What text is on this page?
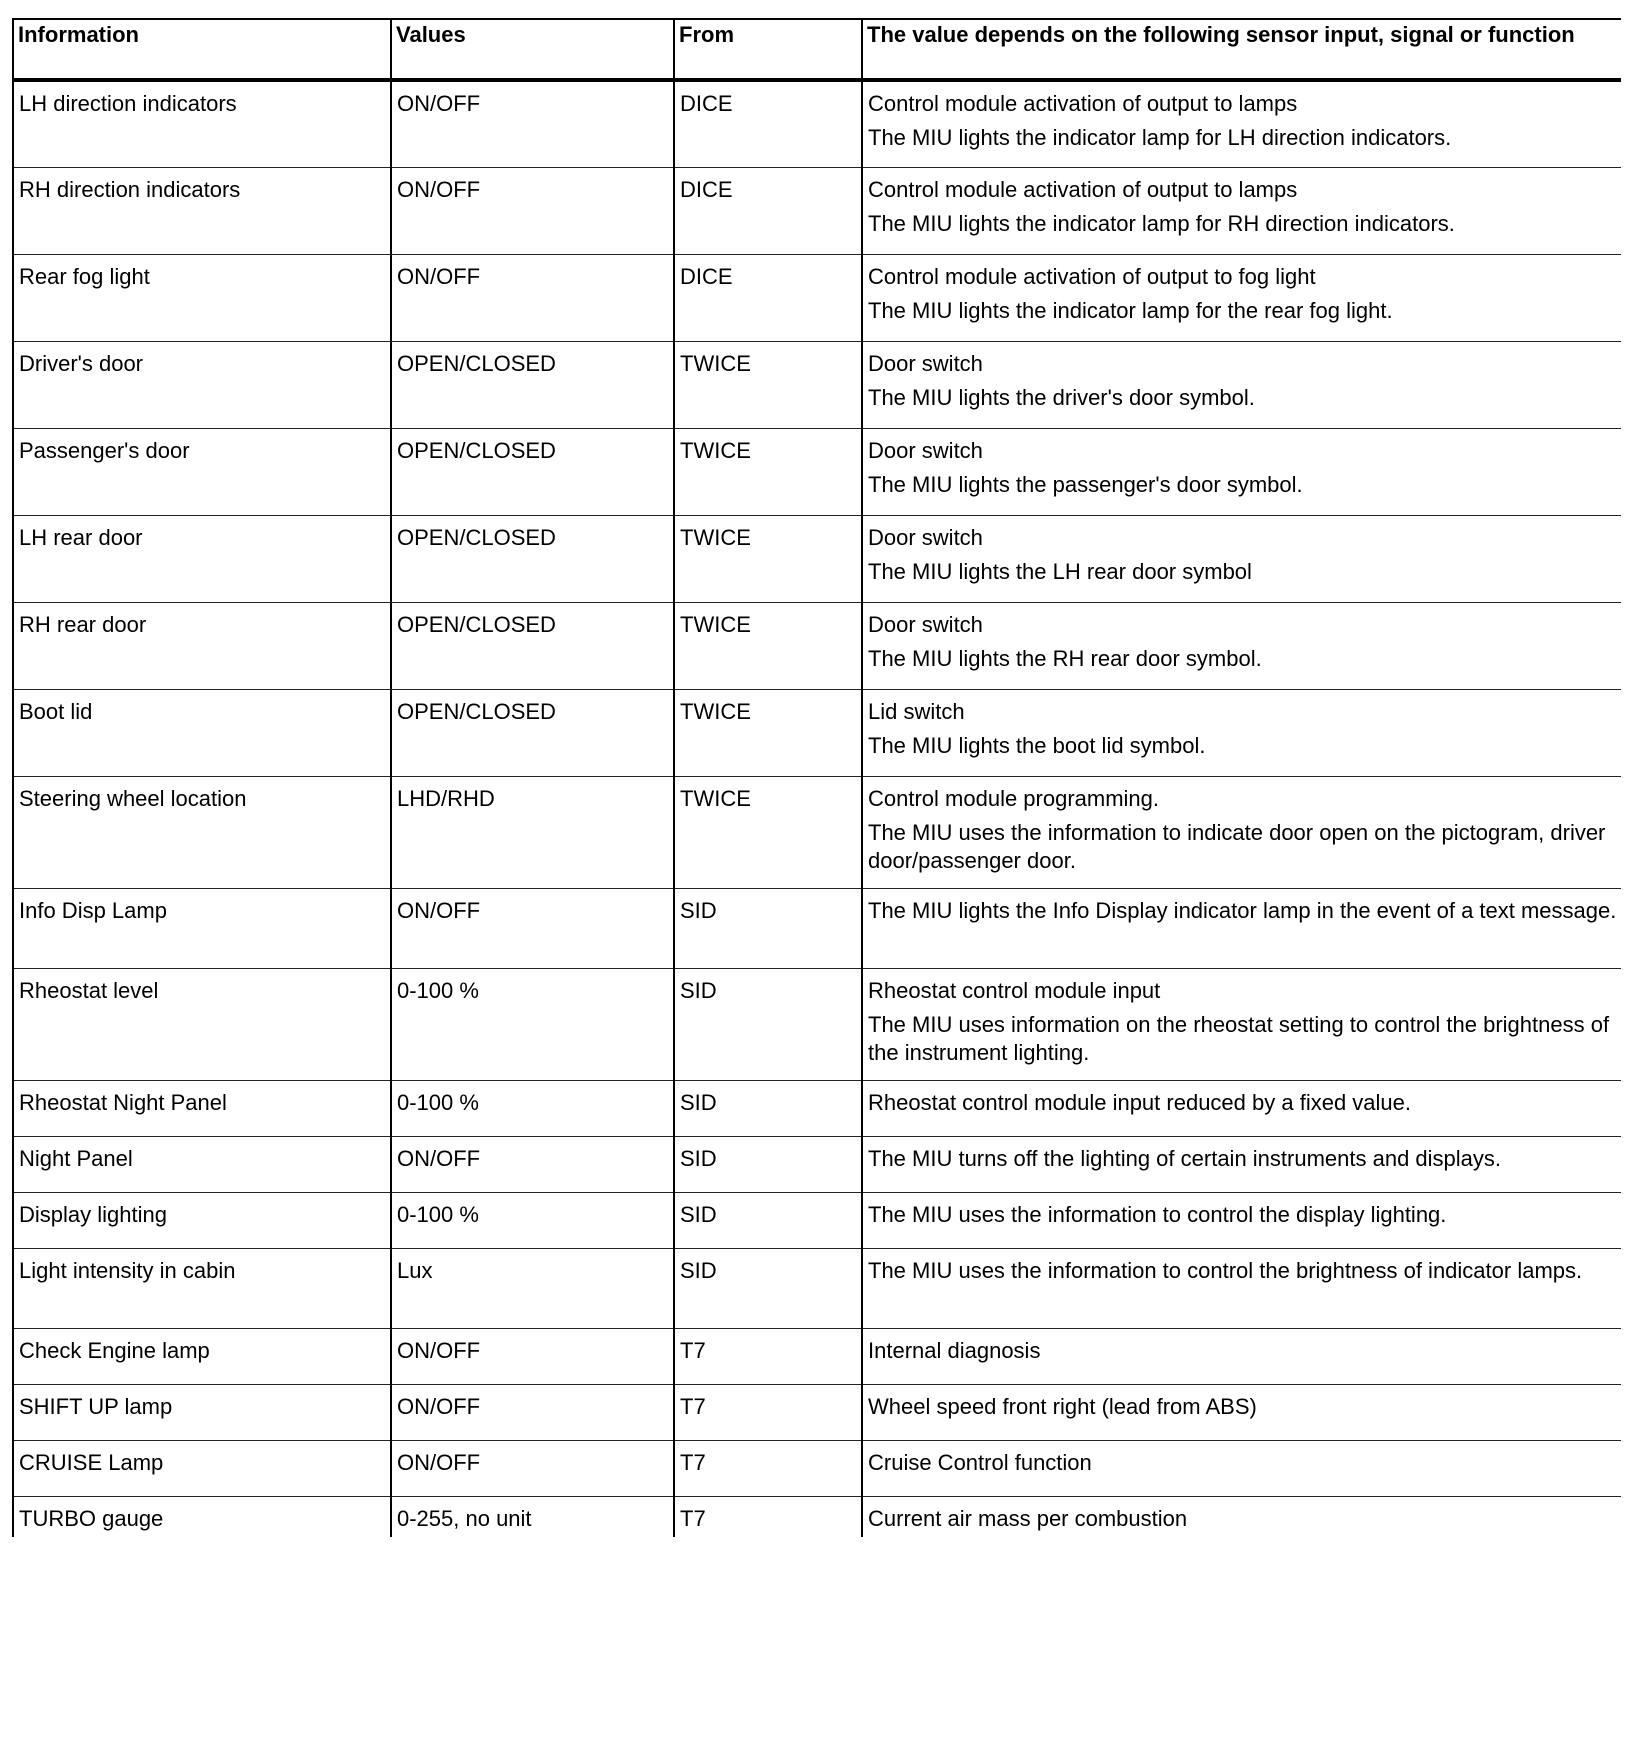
Information	Values	From	The value depends on the following sensor input, signal or function
LH direction indicators	ON/OFF	DICE	Control module activation of output to lamps
The MIU lights the indicator lamp for LH direction indicators.

RH direction indicators	ON/OFF	DICE	Control module activation of output to lamps
The MIU lights the indicator lamp for RH direction indicators.

Rear fog light	ON/OFF	DICE	Control module activation of output to fog light
The MIU lights the indicator lamp for the rear fog light.

Driver's door	OPEN/CLOSED	TWICE	Door switch
The MIU lights the driver's door symbol.

Passenger's door	OPEN/CLOSED	TWICE	Door switch
The MIU lights the passenger's door symbol.

LH rear door	OPEN/CLOSED	TWICE	Door switch
The MIU lights the LH rear door symbol

RH rear door	OPEN/CLOSED	TWICE	Door switch
The MIU lights the RH rear door symbol.

Boot lid	OPEN/CLOSED	TWICE	Lid switch
The MIU lights the boot lid symbol.

Steering wheel location	LHD/RHD	TWICE	Control module programming.
The MIU uses the information to indicate door open on the pictogram, driver door/passenger door.

Info Disp Lamp	ON/OFF	SID	The MIU lights the Info Display indicator lamp in the event of a text message.

Rheostat level	0-100 %	SID	Rheostat control module input
The MIU uses information on the rheostat setting to control the brightness of the instrument lighting.

Rheostat Night Panel	0-100 %	SID	Rheostat control module input reduced by a fixed value.

Night Panel	ON/OFF	SID	The MIU turns off the lighting of certain instruments and displays.

Display lighting	0-100 %	SID	The MIU uses the information to control the display lighting.

Light intensity in cabin	Lux	SID	The MIU uses the information to control the brightness of indicator lamps.

Check Engine lamp	ON/OFF	T7	Internal diagnosis

SHIFT UP lamp	ON/OFF	T7	Wheel speed front right (lead from ABS)

CRUISE Lamp	ON/OFF	T7	Cruise Control function

TURBO gauge	0-255, no unit	T7	Current air mass per combustion
